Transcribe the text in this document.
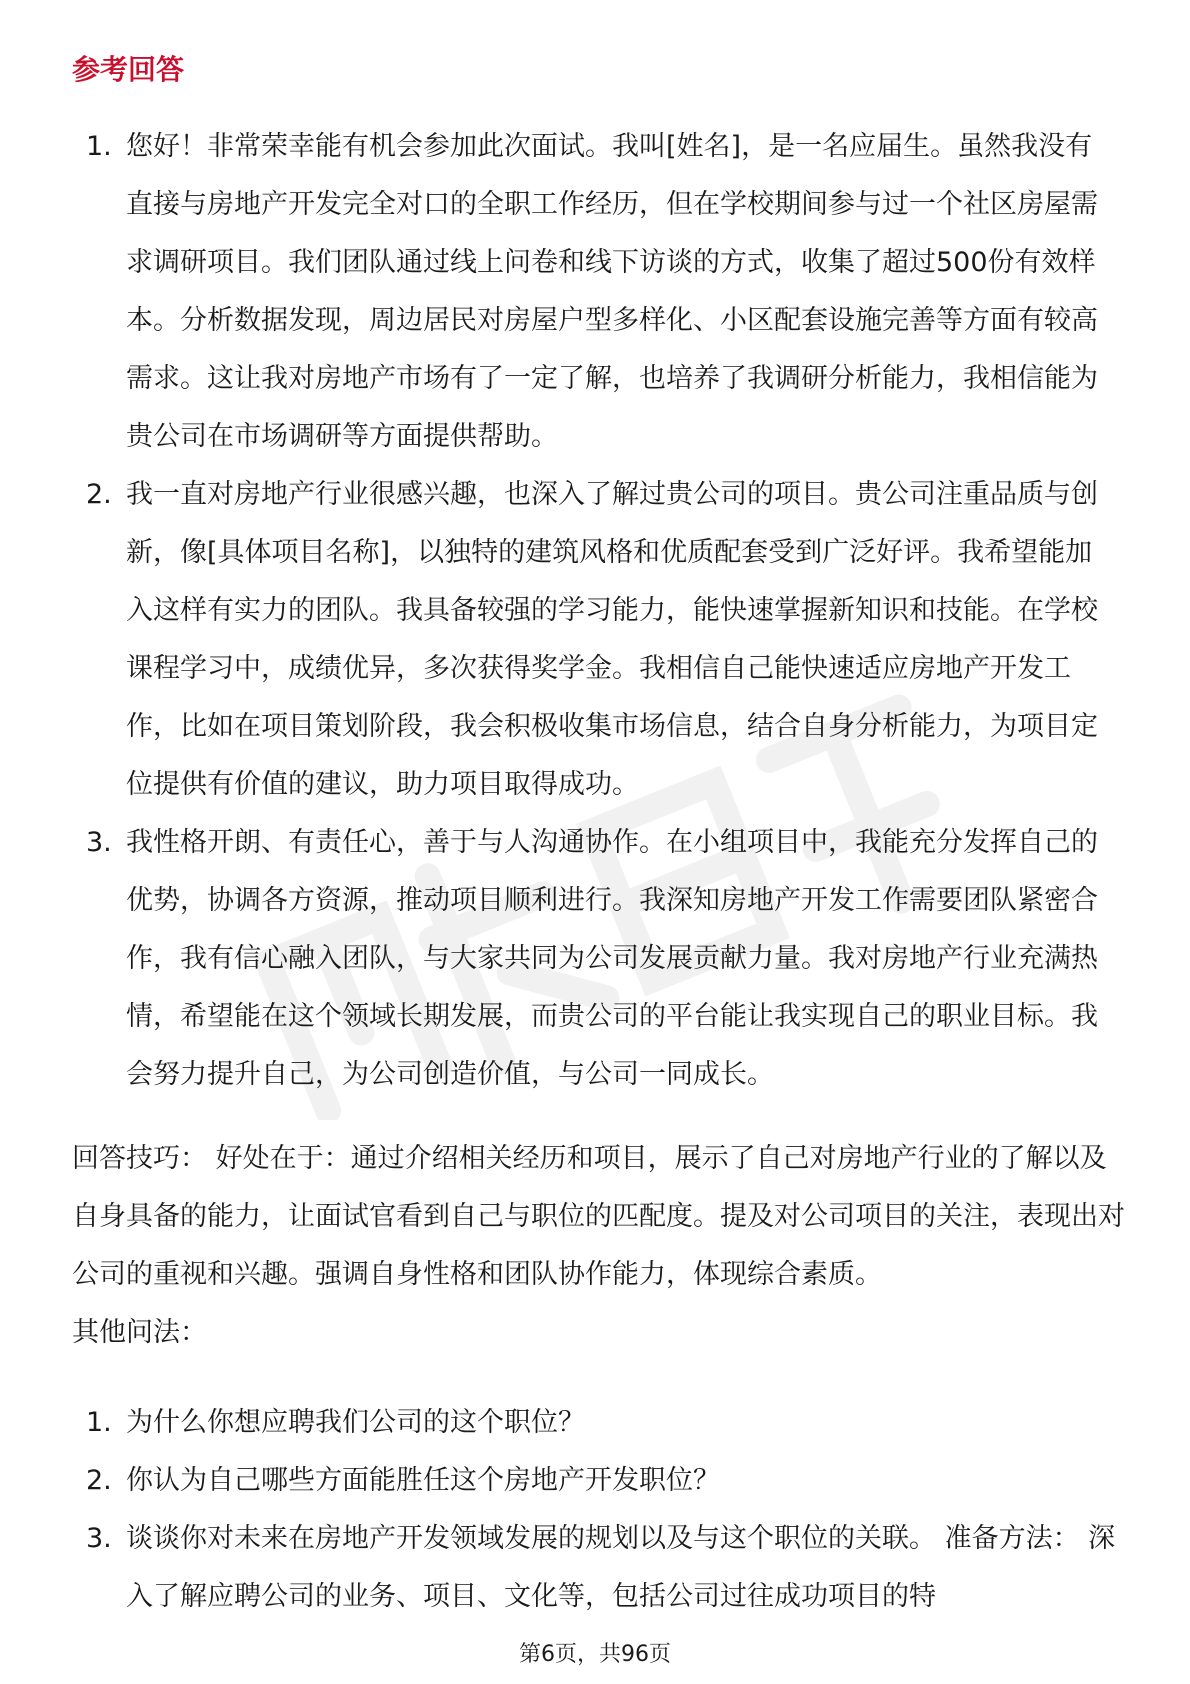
参考回答
1. 您好！非常荣幸能有机会参加此次面试。我叫[姓名]，是一名应届生。虽然我没有直接与房地产开发完全对口的全职工作经历，但在学校期间参与过一个社区房屋需求调研项目。我们团队通过线上问卷和线下访谈的方式，收集了超过500份有效样本。分析数据发现，周边居民对房屋户型多样化、小区配套设施完善等方面有较高需求。这让我对房地产市场有了一定了解，也培养了我调研分析能力，我相信能为贵公司在市场调研等方面提供帮助。
2. 我一直对房地产行业很感兴趣，也深入了解过贵公司的项目。贵公司注重品质与创新，像[具体项目名称]，以独特的建筑风格和优质配套受到广泛好评。我希望能加入这样有实力的团队。我具备较强的学习能力，能快速掌握新知识和技能。在学校课程学习中，成绩优异，多次获得奖学金。我相信自己能快速适应房地产开发工作，比如在项目策划阶段，我会积极收集市场信息，结合自身分析能力，为项目定位提供有价值的建议，助力项目取得成功。
3. 我性格开朗、有责任心，善于与人沟通协作。在小组项目中，我能充分发挥自己的优势，协调各方资源，推动项目顺利进行。我深知房地产开发工作需要团队紧密合作，我有信心融入团队，与大家共同为公司发展贡献力量。我对房地产行业充满热情，希望能在这个领域长期发展，而贵公司的平台能让我实现自己的职业目标。我会努力提升自己，为公司创造价值，与公司一同成长。

回答技巧： 好处在于：通过介绍相关经历和项目，展示了自己对房地产行业的了解以及自身具备的能力，让面试官看到自己与职位的匹配度。提及对公司项目的关注，表现出对公司的重视和兴趣。强调自身性格和团队协作能力，体现综合素质。

其他问法：

1. 为什么你想应聘我们公司的这个职位？
2. 你认为自己哪些方面能胜任这个房地产开发职位？
3. 谈谈你对未来在房地产开发领域发展的规划以及与这个职位的关联。 准备方法： 深入了解应聘公司的业务、项目、文化等，包括公司过往成功项目的特
第6页，共96页
